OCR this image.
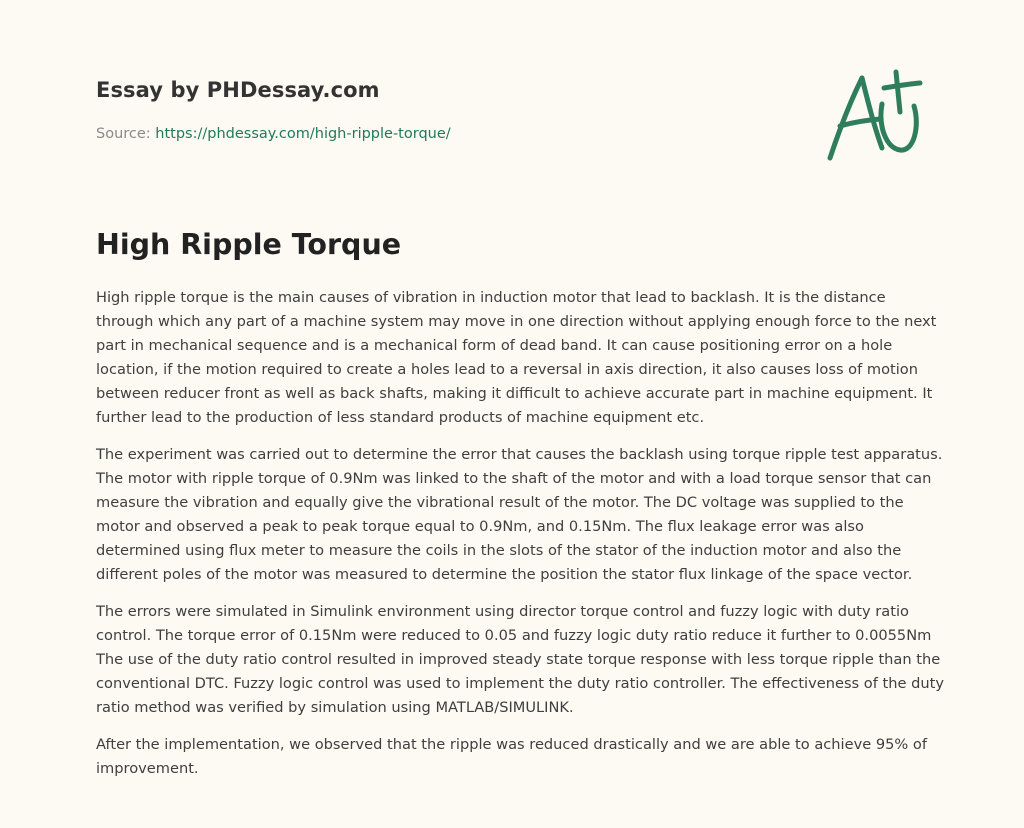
Essay by PHDessay.com
Source: https://phdessay.com/high-ripple-torque/
High Ripple Torque

High ripple torque is the main causes of vibration in induction motor that lead to backlash. It is the distance through which any part of a machine system may move in one direction without applying enough force to the next part in mechanical sequence and is a mechanical form of dead band. It can cause positioning error on a hole location, if the motion required to create a holes lead to a reversal in axis direction, it also causes loss of motion between reducer front as well as back shafts, making it difficult to achieve accurate part in machine equipment. It further lead to the production of less standard products of machine equipment etc.

The experiment was carried out to determine the error that causes the backlash using torque ripple test apparatus. The motor with ripple torque of 0.9Nm was linked to the shaft of the motor and with a load torque sensor that can measure the vibration and equally give the vibrational result of the motor. The DC voltage was supplied to the motor and observed a peak to peak torque equal to 0.9Nm, and 0.15Nm. The flux leakage error was also determined using flux meter to measure the coils in the slots of the stator of the induction motor and also the different poles of the motor was measured to determine the position the stator flux linkage of the space vector.

The errors were simulated in Simulink environment using director torque control and fuzzy logic with duty ratio control. The torque error of 0.15Nm were reduced to 0.05 and fuzzy logic duty ratio reduce it further to 0.0055Nm The use of the duty ratio control resulted in improved steady state torque response with less torque ripple than the conventional DTC. Fuzzy logic control was used to implement the duty ratio controller. The effectiveness of the duty ratio method was verified by simulation using MATLAB/SIMULINK.

After the implementation, we observed that the ripple was reduced drastically and we are able to achieve 95% of improvement.
